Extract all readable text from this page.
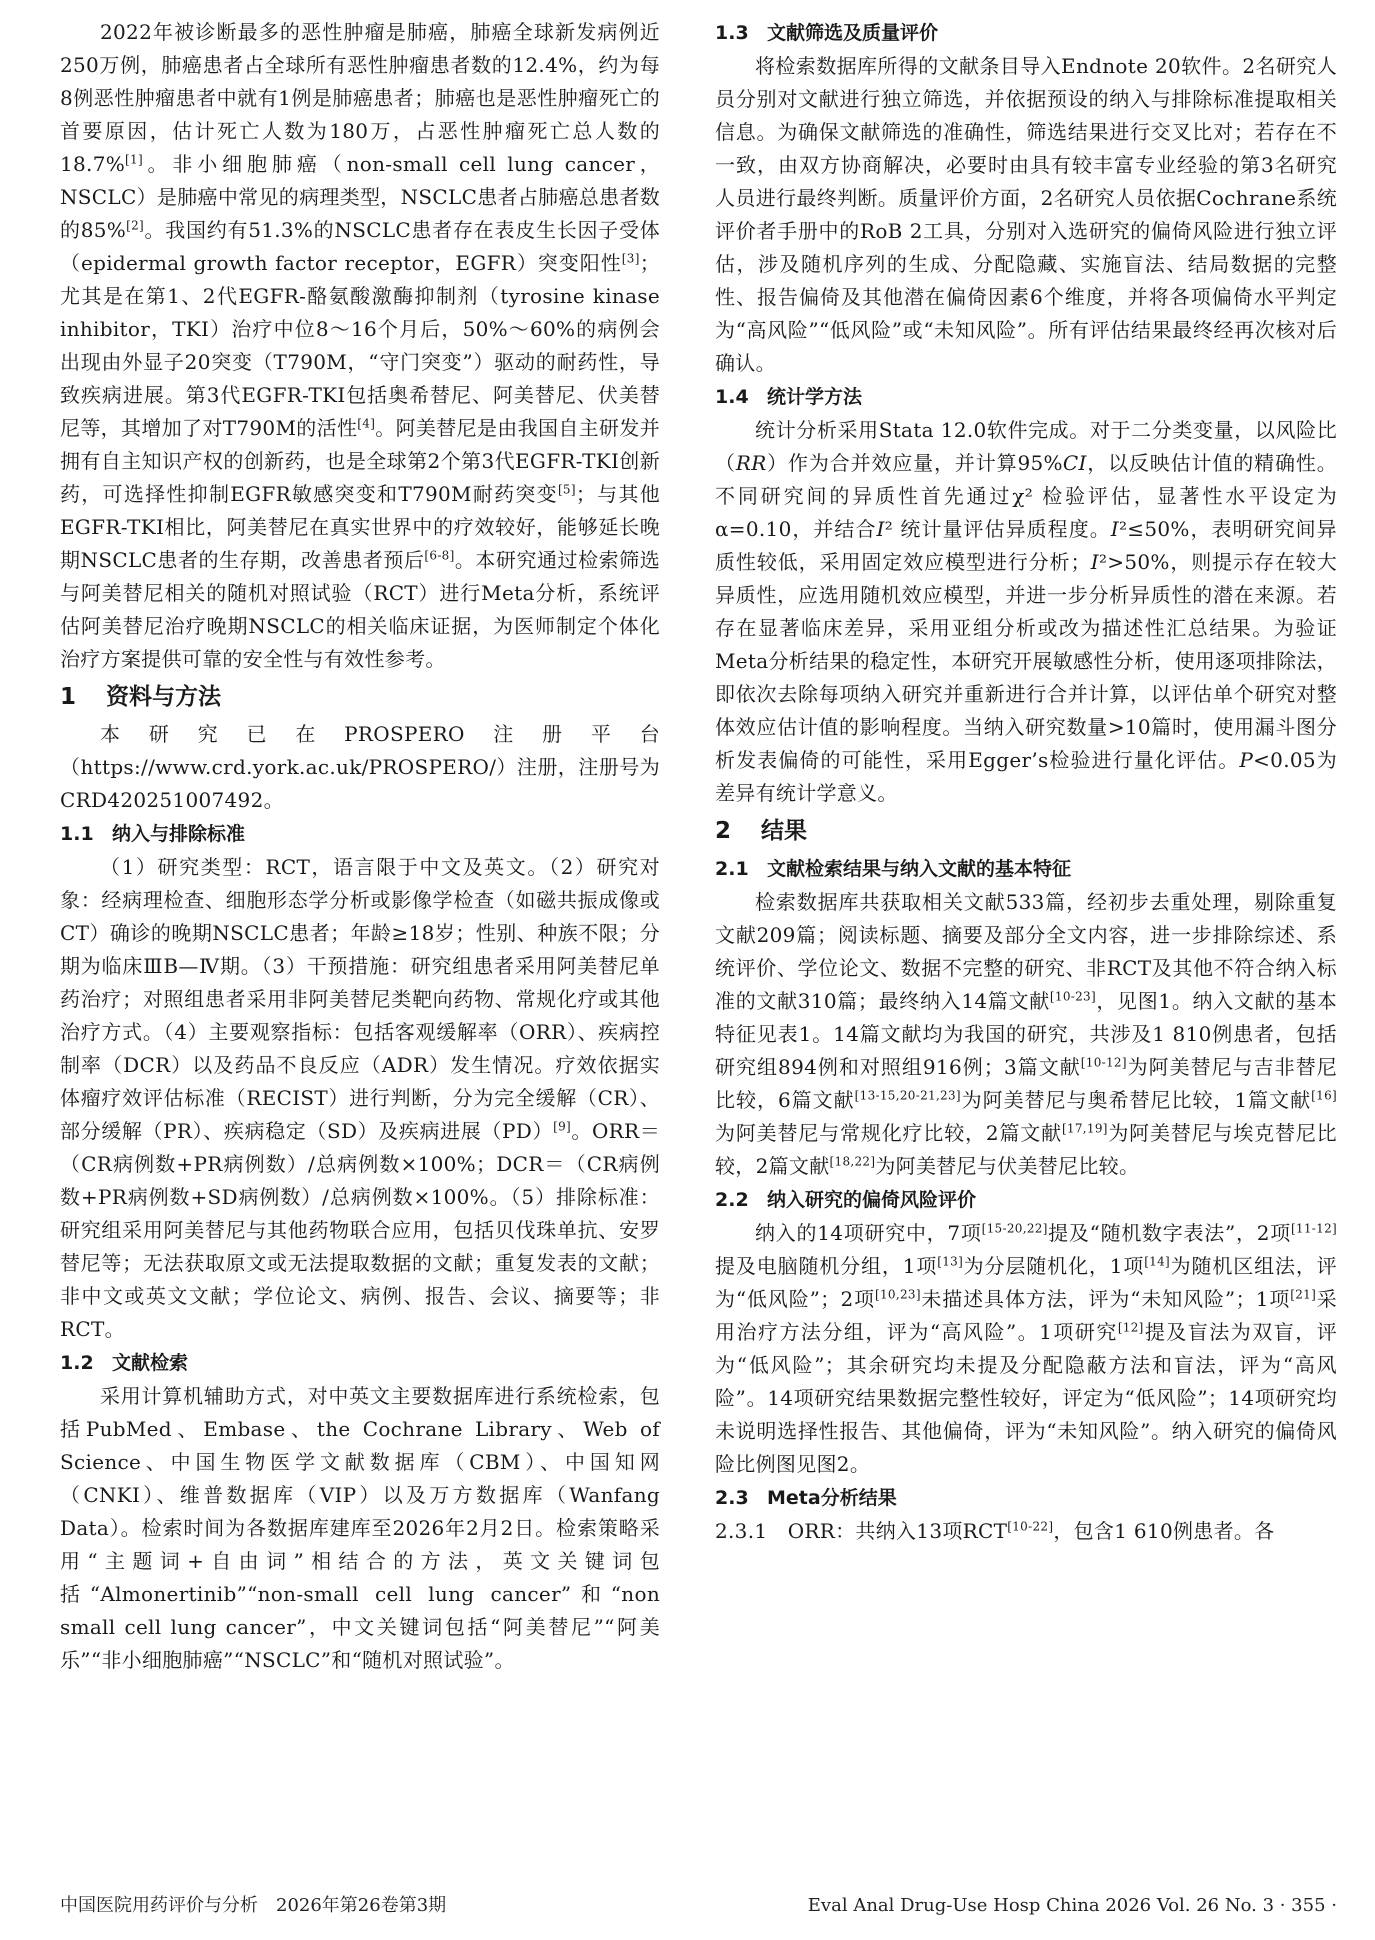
2022年被诊断最多的恶性肿瘤是肺癌，肺癌全球新发病例近250万例，肺癌患者占全球所有恶性肿瘤患者数的12.4%，约为每8例恶性肿瘤患者中就有1例是肺癌患者；肺癌也是恶性肿瘤死亡的首要原因，估计死亡人数为180万，占恶性肿瘤死亡总人数的18.7%[1]。非小细胞肺癌（non-small cell lung cancer，NSCLC）是肺癌中常见的病理类型，NSCLC患者占肺癌总患者数的85%[2]。我国约有51.3%的NSCLC患者存在表皮生长因子受体（epidermal growth factor receptor，EGFR）突变阳性[3]；尤其是在第1、2代EGFR-酪氨酸激酶抑制剂（tyrosine kinase inhibitor，TKI）治疗中位8～16个月后，50%～60%的病例会出现由外显子20突变（T790M，“守门突变”）驱动的耐药性，导致疾病进展。第3代EGFR-TKI包括奥希替尼、阿美替尼、伏美替尼等，其增加了对T790M的活性[4]。阿美替尼是由我国自主研发并拥有自主知识产权的创新药，也是全球第2个第3代EGFR-TKI创新药，可选择性抑制EGFR敏感突变和T790M耐药突变[5]；与其他EGFR-TKI相比，阿美替尼在真实世界中的疗效较好，能够延长晚期NSCLC患者的生存期，改善患者预后[6-8]。本研究通过检索筛选与阿美替尼相关的随机对照试验（RCT）进行Meta分析，系统评估阿美替尼治疗晚期NSCLC的相关临床证据，为医师制定个体化治疗方案提供可靠的安全性与有效性参考。

1 资料与方法

本研究已在PROSPERO注册平台（https://www.crd.york.ac.uk/PROSPERO/）注册，注册号为CRD420251007492。

1.1 纳入与排除标准

（1）研究类型：RCT，语言限于中文及英文。（2）研究对象：经病理检查、细胞形态学分析或影像学检查（如磁共振成像或CT）确诊的晚期NSCLC患者；年龄≥18岁；性别、种族不限；分期为临床ⅢB—Ⅳ期。（3）干预措施：研究组患者采用阿美替尼单药治疗；对照组患者采用非阿美替尼类靶向药物、常规化疗或其他治疗方式。（4）主要观察指标：包括客观缓解率（ORR）、疾病控制率（DCR）以及药品不良反应（ADR）发生情况。疗效依据实体瘤疗效评估标准（RECIST）进行判断，分为完全缓解（CR）、部分缓解（PR）、疾病稳定（SD）及疾病进展（PD）[9]。ORR＝（CR病例数+PR病例数）/总病例数×100%；DCR＝（CR病例数+PR病例数+SD病例数）/总病例数×100%。（5）排除标准：研究组采用阿美替尼与其他药物联合应用，包括贝伐珠单抗、安罗替尼等；无法获取原文或无法提取数据的文献；重复发表的文献；非中文或英文文献；学位论文、病例、报告、会议、摘要等；非RCT。

1.2 文献检索

采用计算机辅助方式，对中英文主要数据库进行系统检索，包括PubMed、Embase、the Cochrane Library、Web of Science、中国生物医学文献数据库（CBM）、中国知网（CNKI）、维普数据库（VIP）以及万方数据库（Wanfang Data）。检索时间为各数据库建库至2026年2月2日。检索策略采用“主题词+自由词”相结合的方法，英文关键词包括“Almonertinib”“non-small cell lung cancer”和“non small cell lung cancer”，中文关键词包括“阿美替尼”“阿美乐”“非小细胞肺癌”“NSCLC”和“随机对照试验”。

1.3 文献筛选及质量评价

将检索数据库所得的文献条目导入Endnote 20软件。2名研究人员分别对文献进行独立筛选，并依据预设的纳入与排除标准提取相关信息。为确保文献筛选的准确性，筛选结果进行交叉比对；若存在不一致，由双方协商解决，必要时由具有较丰富专业经验的第3名研究人员进行最终判断。质量评价方面，2名研究人员依据Cochrane系统评价者手册中的RoB 2工具，分别对入选研究的偏倚风险进行独立评估，涉及随机序列的生成、分配隐藏、实施盲法、结局数据的完整性、报告偏倚及其他潜在偏倚因素6个维度，并将各项偏倚水平判定为“高风险”“低风险”或“未知风险”。所有评估结果最终经再次核对后确认。

1.4 统计学方法

统计分析采用Stata 12.0软件完成。对于二分类变量，以风险比（RR）作为合并效应量，并计算95%CI，以反映估计值的精确性。不同研究间的异质性首先通过χ² 检验评估，显著性水平设定为α=0.10，并结合I² 统计量评估异质程度。I²≤50%，表明研究间异质性较低，采用固定效应模型进行分析；I²>50%，则提示存在较大异质性，应选用随机效应模型，并进一步分析异质性的潜在来源。若存在显著临床差异，采用亚组分析或改为描述性汇总结果。为验证Meta分析结果的稳定性，本研究开展敏感性分析，使用逐项排除法，即依次去除每项纳入研究并重新进行合并计算，以评估单个研究对整体效应估计值的影响程度。当纳入研究数量>10篇时，使用漏斗图分析发表偏倚的可能性，采用Egger’s检验进行量化评估。P<0.05为差异有统计学意义。

2 结果
2.1 文献检索结果与纳入文献的基本特征

检索数据库共获取相关文献533篇，经初步去重处理，剔除重复文献209篇；阅读标题、摘要及部分全文内容，进一步排除综述、系统评价、学位论文、数据不完整的研究、非RCT及其他不符合纳入标准的文献310篇；最终纳入14篇文献[10-23]，见图1。纳入文献的基本特征见表1。14篇文献均为我国的研究，共涉及1 810例患者，包括研究组894例和对照组916例；3篇文献[10-12]为阿美替尼与吉非替尼比较，6篇文献[13-15,20-21,23]为阿美替尼与奥希替尼比较，1篇文献[16]为阿美替尼与常规化疗比较，2篇文献[17,19]为阿美替尼与埃克替尼比较，2篇文献[18,22]为阿美替尼与伏美替尼比较。

2.2 纳入研究的偏倚风险评价

纳入的14项研究中，7项[15-20,22]提及“随机数字表法”，2项[11-12]提及电脑随机分组，1项[13]为分层随机化，1项[14]为随机区组法，评为“低风险”；2项[10,23]未描述具体方法，评为“未知风险”；1项[21]采用治疗方法分组，评为“高风险”。1项研究[12]提及盲法为双盲，评为“低风险”；其余研究均未提及分配隐蔽方法和盲法，评为“高风险”。14项研究结果数据完整性较好，评定为“低风险”；14项研究均未说明选择性报告、其他偏倚，评为“未知风险”。纳入研究的偏倚风险比例图见图2。

2.3 Meta分析结果

2.3.1　ORR：共纳入13项RCT[10-22]，包含1 610例患者。各

中国医院用药评价与分析　2026年第26卷第3期	Eval Anal Drug-Use Hosp China 2026 Vol. 26 No. 3 · 355 ·
